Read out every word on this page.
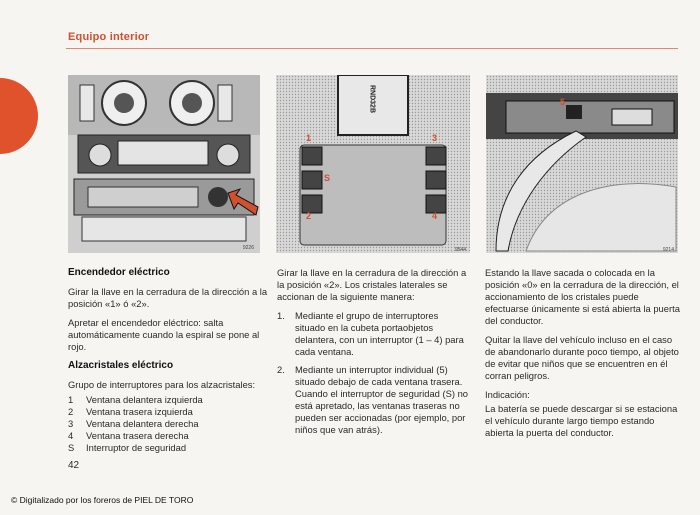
Equipo interior
9226
RND32B
1
S
2
3
4
9544
5
9214

Encendedor eléctrico

Girar la llave en la cerradura de la dirección a la posición «1» ó «2».

Apretar el encendedor eléctrico: salta automáticamente cuando la espiral se pone al rojo.

Alzacristales eléctrico

Grupo de interruptores para los alzacristales:

1	Ventana delantera izquierda
2	Ventana trasera izquierda
3	Ventana delantera derecha
4	Ventana trasera derecha
S	Interruptor de seguridad
42

Girar la llave en la cerradura de la dirección a la posición «2». Los cristales laterales se accionan de la siguiente manera:

1.	Mediante el grupo de interruptores situado en la cubeta portaobjetos delantera, con un interruptor (1 – 4) para cada ventana.
2.	Mediante un interruptor individual (5) situado debajo de cada ventana trasera. Cuando el interruptor de seguridad (S) no está apretado, las ventanas traseras no pueden ser accionadas (por ejemplo, por niños que van atrás).

Estando la llave sacada o colocada en la posición «0» en la cerradura de la dirección, el accionamiento de los cristales puede efectuarse únicamente si está abierta la puerta del conductor.

Quitar la llave del vehículo incluso en el caso de abandonarlo durante poco tiempo, al objeto de evitar que niños que se encuentren en él corran peligros.

Indicación:

La batería se puede descargar si se estaciona el vehículo durante largo tiempo estando abierta la puerta del conductor.

© Digitalizado por los foreros de PIEL DE TORO
